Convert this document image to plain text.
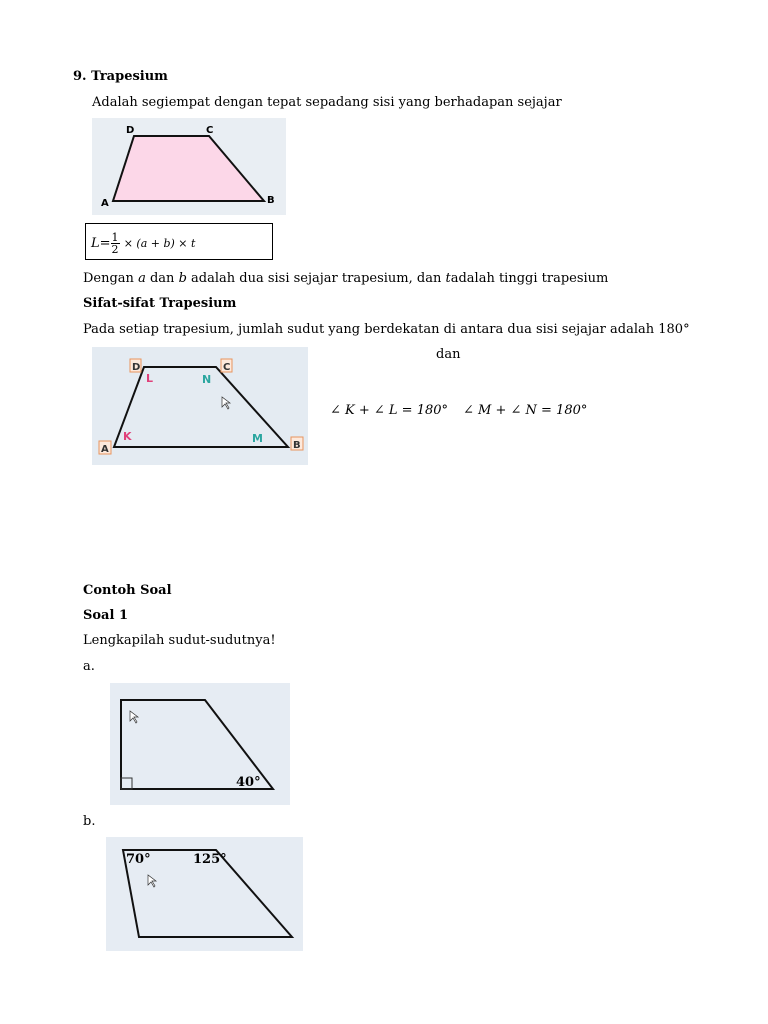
9. Trapesium
Adalah segiempat dengan tepat sepadang sisi yang berhadapan sejajar
D	C
A	B
$L= \frac{1}{2} \times (a + b) \times t$
Dengan a dan b adalah dua sisi sejajar trapesium, dan tadalah tinggi trapesium
Sifat-sifat Trapesium
Pada setiap trapesium, jumlah sudut yang berdekatan di antara dua sisi sejajar adalah 180°
D	C
A	B
L	N
K	M
dan
∠ K + ∠ L = 180° ∠ M + ∠ N = 180°
Contoh Soal
Soal 1
Lengkapilah sudut-sudutnya!
a.
40°
b.
70°	125°
